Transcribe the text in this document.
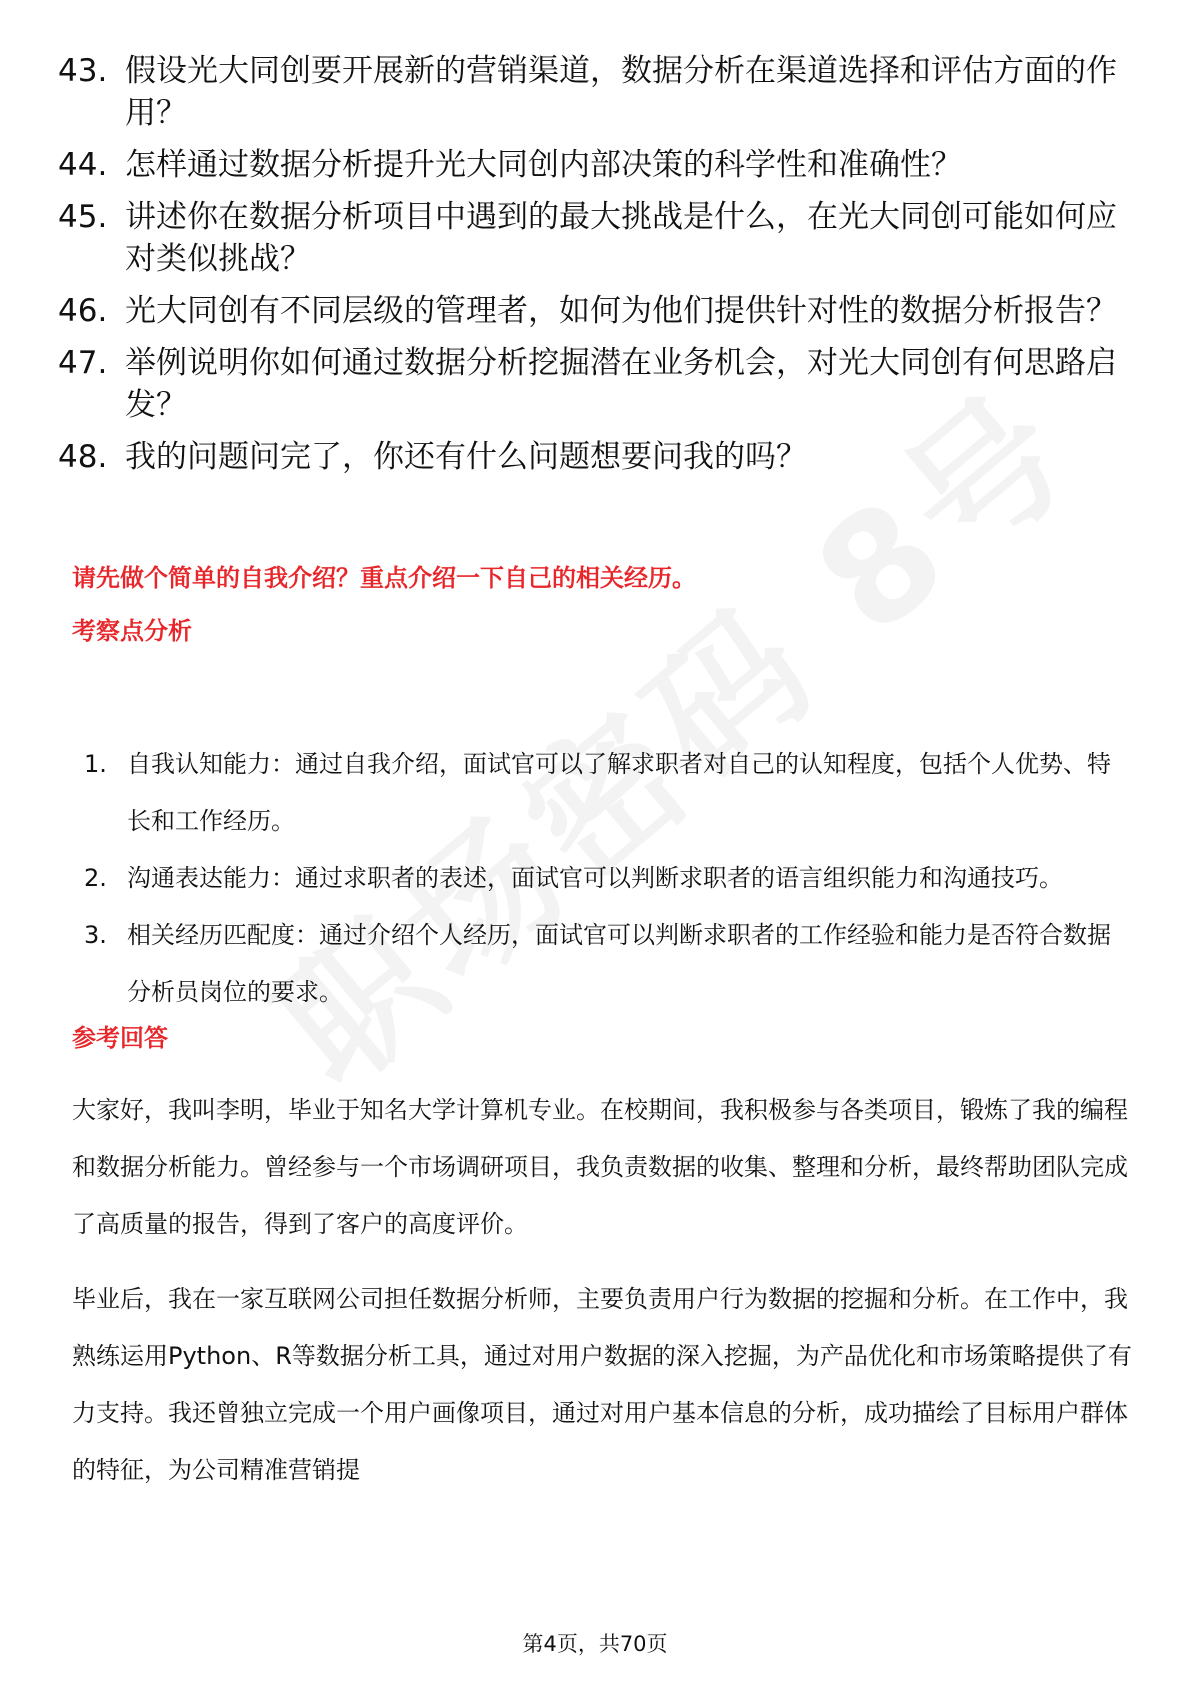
43. 假设光大同创要开展新的营销渠道，数据分析在渠道选择和评估方面的作用？
44. 怎样通过数据分析提升光大同创内部决策的科学性和准确性？
45. 讲述你在数据分析项目中遇到的最大挑战是什么，在光大同创可能如何应对类似挑战？
46. 光大同创有不同层级的管理者，如何为他们提供针对性的数据分析报告？
47. 举例说明你如何通过数据分析挖掘潜在业务机会，对光大同创有何思路启发？
48. 我的问题问完了，你还有什么问题想要问我的吗？
请先做个简单的自我介绍？重点介绍一下自己的相关经历。
考察点分析
1. 自我认知能力：通过自我介绍，面试官可以了解求职者对自己的认知程度，包括个人优势、特长和工作经历。
2. 沟通表达能力：通过求职者的表述，面试官可以判断求职者的语言组织能力和沟通技巧。
3. 相关经历匹配度：通过介绍个人经历，面试官可以判断求职者的工作经验和能力是否符合数据分析员岗位的要求。
参考回答
大家好，我叫李明，毕业于知名大学计算机专业。在校期间，我积极参与各类项目，锻炼了我的编程和数据分析能力。曾经参与一个市场调研项目，我负责数据的收集、整理和分析，最终帮助团队完成了高质量的报告，得到了客户的高度评价。
毕业后，我在一家互联网公司担任数据分析师，主要负责用户行为数据的挖掘和分析。在工作中，我熟练运用Python、R等数据分析工具，通过对用户数据的深入挖掘，为产品优化和市场策略提供了有力支持。我还曾独立完成一个用户画像项目，通过对用户基本信息的分析，成功描绘了目标用户群体的特征，为公司精准营销提
第4页，共70页
